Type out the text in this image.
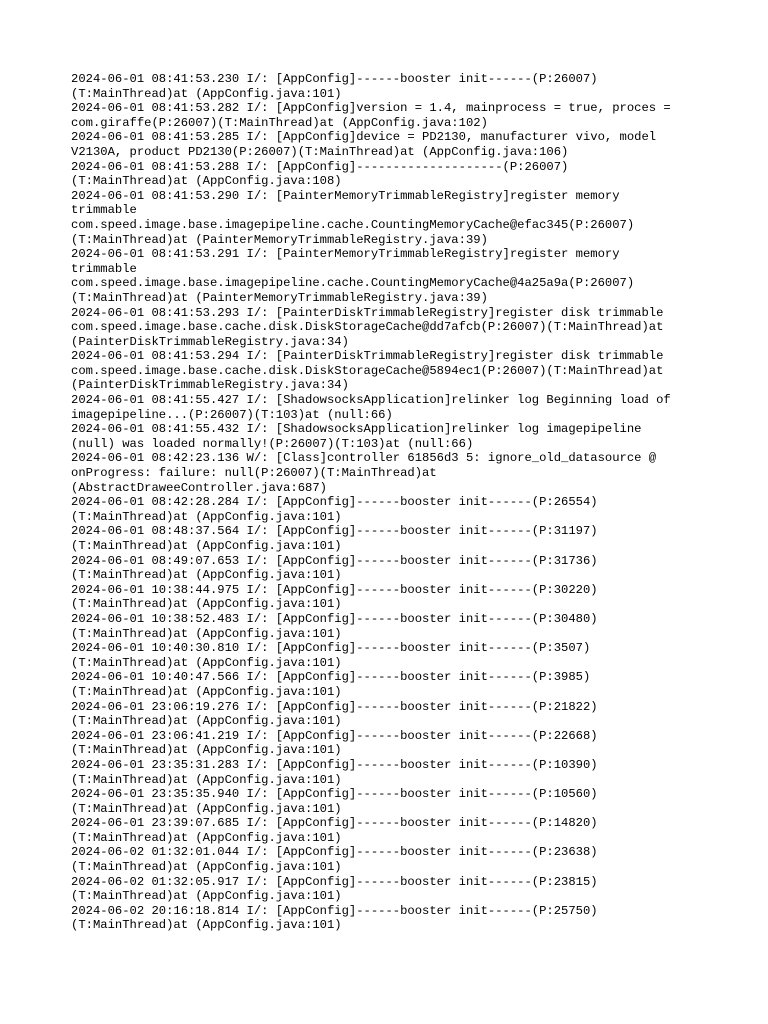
2024-06-01 08:41:53.230 I/: [AppConfig]------booster init------(P:26007)
(T:MainThread)at (AppConfig.java:101)
2024-06-01 08:41:53.282 I/: [AppConfig]version = 1.4, mainprocess = true, proces =
com.giraffe(P:26007)(T:MainThread)at (AppConfig.java:102)
2024-06-01 08:41:53.285 I/: [AppConfig]device = PD2130, manufacturer vivo, model
V2130A, product PD2130(P:26007)(T:MainThread)at (AppConfig.java:106)
2024-06-01 08:41:53.288 I/: [AppConfig]--------------------(P:26007)
(T:MainThread)at (AppConfig.java:108)
2024-06-01 08:41:53.290 I/: [PainterMemoryTrimmableRegistry]register memory
trimmable
com.speed.image.base.imagepipeline.cache.CountingMemoryCache@efac345(P:26007)
(T:MainThread)at (PainterMemoryTrimmableRegistry.java:39)
2024-06-01 08:41:53.291 I/: [PainterMemoryTrimmableRegistry]register memory
trimmable
com.speed.image.base.imagepipeline.cache.CountingMemoryCache@4a25a9a(P:26007)
(T:MainThread)at (PainterMemoryTrimmableRegistry.java:39)
2024-06-01 08:41:53.293 I/: [PainterDiskTrimmableRegistry]register disk trimmable
com.speed.image.base.cache.disk.DiskStorageCache@dd7afcb(P:26007)(T:MainThread)at
(PainterDiskTrimmableRegistry.java:34)
2024-06-01 08:41:53.294 I/: [PainterDiskTrimmableRegistry]register disk trimmable
com.speed.image.base.cache.disk.DiskStorageCache@5894ec1(P:26007)(T:MainThread)at
(PainterDiskTrimmableRegistry.java:34)
2024-06-01 08:41:55.427 I/: [ShadowsocksApplication]relinker log Beginning load of
imagepipeline...(P:26007)(T:103)at (null:66)
2024-06-01 08:41:55.432 I/: [ShadowsocksApplication]relinker log imagepipeline
(null) was loaded normally!(P:26007)(T:103)at (null:66)
2024-06-01 08:42:23.136 W/: [Class]controller 61856d3 5: ignore_old_datasource @
onProgress: failure: null(P:26007)(T:MainThread)at
(AbstractDraweeController.java:687)
2024-06-01 08:42:28.284 I/: [AppConfig]------booster init------(P:26554)
(T:MainThread)at (AppConfig.java:101)
2024-06-01 08:48:37.564 I/: [AppConfig]------booster init------(P:31197)
(T:MainThread)at (AppConfig.java:101)
2024-06-01 08:49:07.653 I/: [AppConfig]------booster init------(P:31736)
(T:MainThread)at (AppConfig.java:101)
2024-06-01 10:38:44.975 I/: [AppConfig]------booster init------(P:30220)
(T:MainThread)at (AppConfig.java:101)
2024-06-01 10:38:52.483 I/: [AppConfig]------booster init------(P:30480)
(T:MainThread)at (AppConfig.java:101)
2024-06-01 10:40:30.810 I/: [AppConfig]------booster init------(P:3507)
(T:MainThread)at (AppConfig.java:101)
2024-06-01 10:40:47.566 I/: [AppConfig]------booster init------(P:3985)
(T:MainThread)at (AppConfig.java:101)
2024-06-01 23:06:19.276 I/: [AppConfig]------booster init------(P:21822)
(T:MainThread)at (AppConfig.java:101)
2024-06-01 23:06:41.219 I/: [AppConfig]------booster init------(P:22668)
(T:MainThread)at (AppConfig.java:101)
2024-06-01 23:35:31.283 I/: [AppConfig]------booster init------(P:10390)
(T:MainThread)at (AppConfig.java:101)
2024-06-01 23:35:35.940 I/: [AppConfig]------booster init------(P:10560)
(T:MainThread)at (AppConfig.java:101)
2024-06-01 23:39:07.685 I/: [AppConfig]------booster init------(P:14820)
(T:MainThread)at (AppConfig.java:101)
2024-06-02 01:32:01.044 I/: [AppConfig]------booster init------(P:23638)
(T:MainThread)at (AppConfig.java:101)
2024-06-02 01:32:05.917 I/: [AppConfig]------booster init------(P:23815)
(T:MainThread)at (AppConfig.java:101)
2024-06-02 20:16:18.814 I/: [AppConfig]------booster init------(P:25750)
(T:MainThread)at (AppConfig.java:101)
